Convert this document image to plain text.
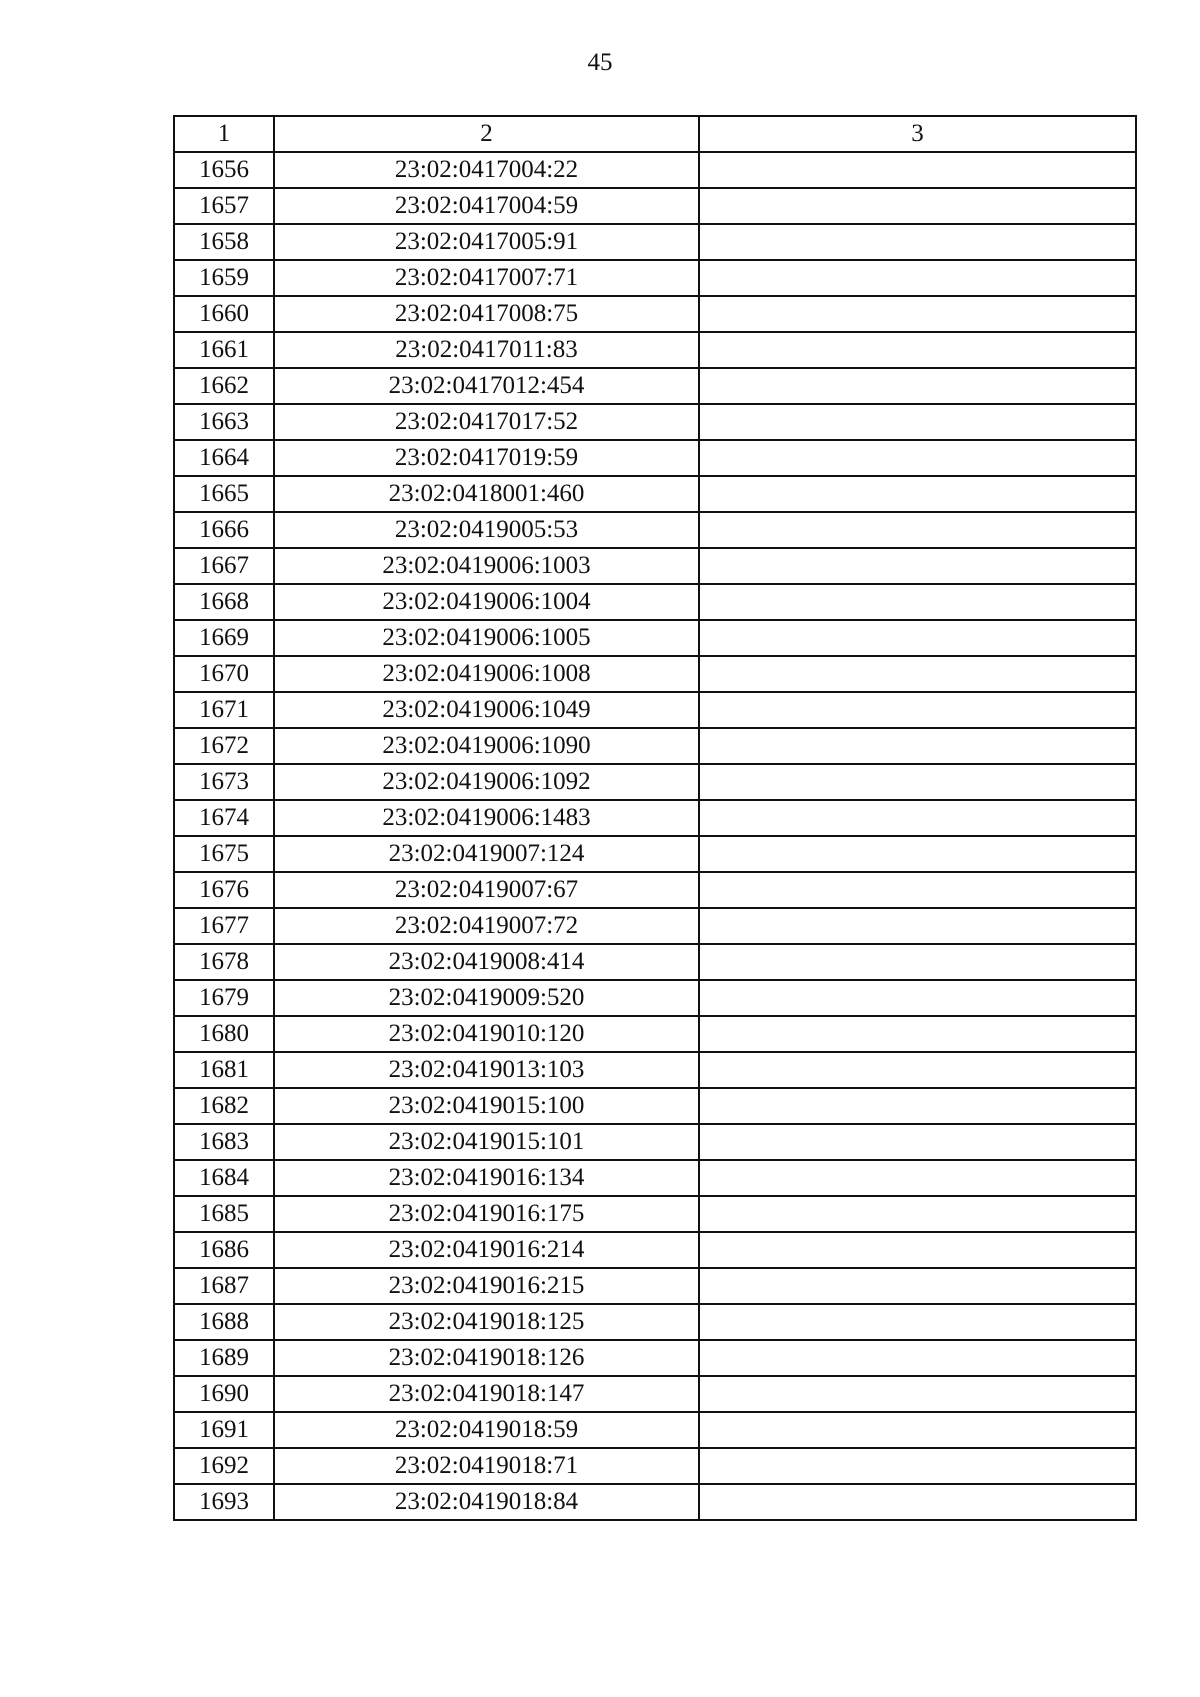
45
1	2	3
1656	23:02:0417004:22	
1657	23:02:0417004:59	
1658	23:02:0417005:91	
1659	23:02:0417007:71	
1660	23:02:0417008:75	
1661	23:02:0417011:83	
1662	23:02:0417012:454	
1663	23:02:0417017:52	
1664	23:02:0417019:59	
1665	23:02:0418001:460	
1666	23:02:0419005:53	
1667	23:02:0419006:1003	
1668	23:02:0419006:1004	
1669	23:02:0419006:1005	
1670	23:02:0419006:1008	
1671	23:02:0419006:1049	
1672	23:02:0419006:1090	
1673	23:02:0419006:1092	
1674	23:02:0419006:1483	
1675	23:02:0419007:124	
1676	23:02:0419007:67	
1677	23:02:0419007:72	
1678	23:02:0419008:414	
1679	23:02:0419009:520	
1680	23:02:0419010:120	
1681	23:02:0419013:103	
1682	23:02:0419015:100	
1683	23:02:0419015:101	
1684	23:02:0419016:134	
1685	23:02:0419016:175	
1686	23:02:0419016:214	
1687	23:02:0419016:215	
1688	23:02:0419018:125	
1689	23:02:0419018:126	
1690	23:02:0419018:147	
1691	23:02:0419018:59	
1692	23:02:0419018:71	
1693	23:02:0419018:84	
